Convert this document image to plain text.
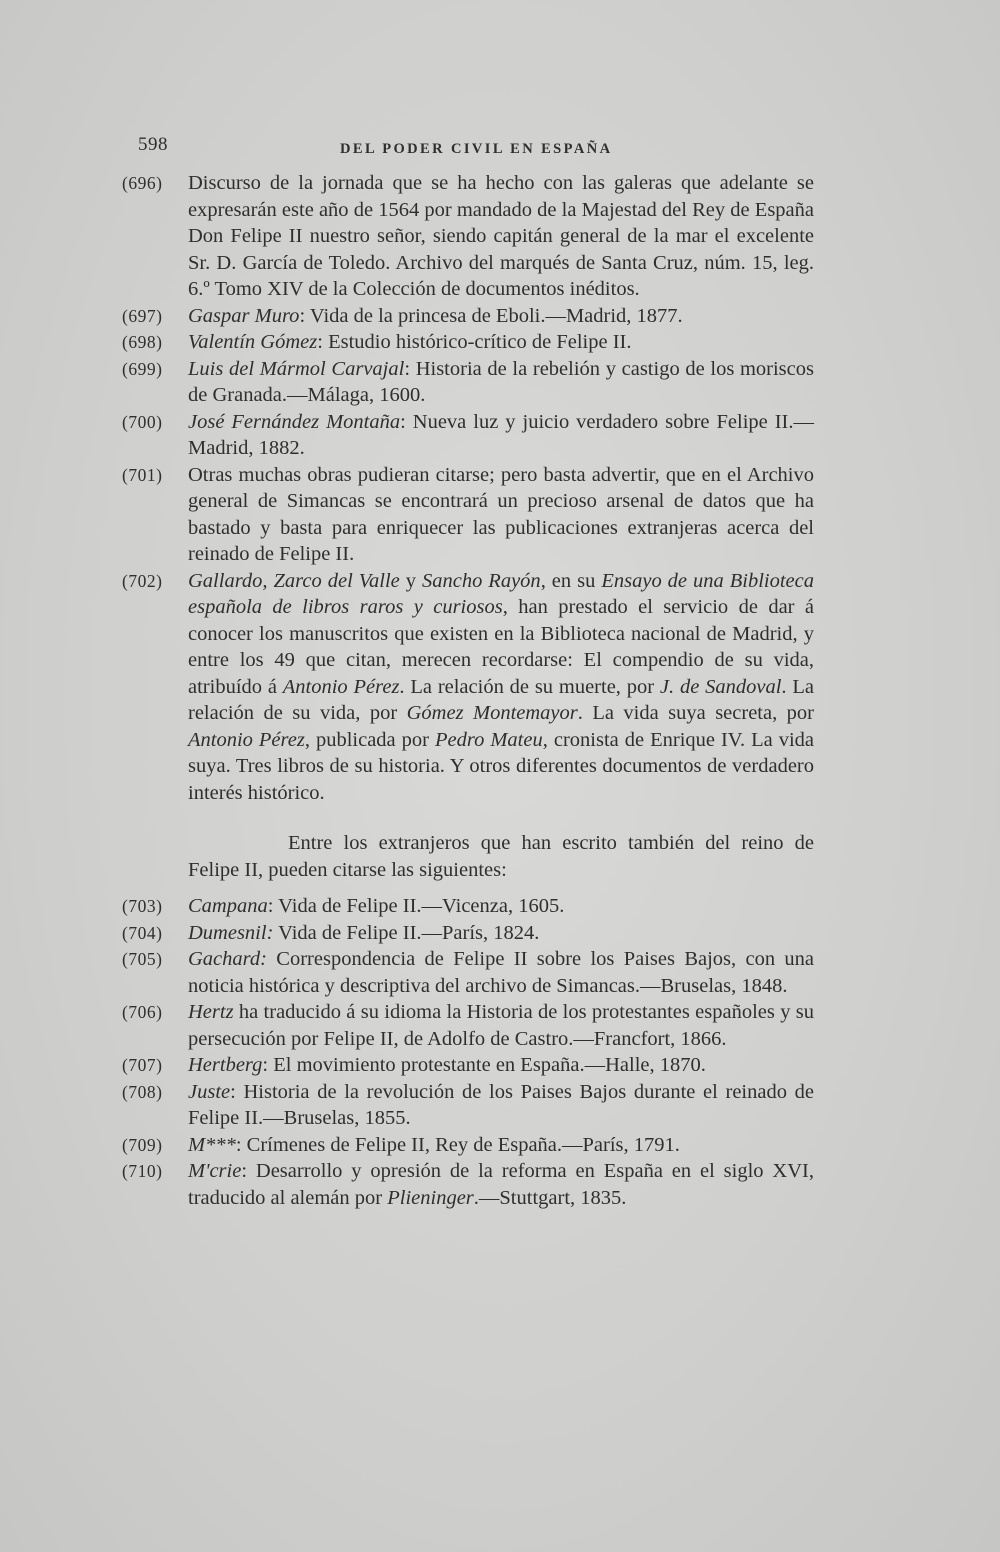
598	DEL PODER CIVIL EN ESPAÑA
(696)	Discurso de la jornada que se ha hecho con las galeras que adelante se expresarán este año de 1564 por mandado de la Majestad del Rey de España Don Felipe II nuestro señor, siendo capitán general de la mar el excelente Sr. D. García de Toledo. Archivo del marqués de Santa Cruz, núm. 15, leg. 6.º Tomo XIV de la Colección de documentos inéditos.
(697)	Gaspar Muro: Vida de la princesa de Eboli.—Madrid, 1877.
(698)	Valentín Gómez: Estudio histórico-crítico de Felipe II.
(699)	Luis del Mármol Carvajal: Historia de la rebelión y castigo de los moriscos de Granada.—Málaga, 1600.
(700)	José Fernández Montaña: Nueva luz y juicio verdadero sobre Felipe II.—Madrid, 1882.
(701)	Otras muchas obras pudieran citarse; pero basta advertir, que en el Archivo general de Simancas se encontrará un precioso arsenal de datos que ha bastado y basta para enriquecer las publicaciones extranjeras acerca del reinado de Felipe II.
(702)	Gallardo, Zarco del Valle y Sancho Rayón, en su Ensayo de una Biblioteca española de libros raros y curiosos, han prestado el servicio de dar á conocer los manuscritos que existen en la Biblioteca nacional de Madrid, y entre los 49 que citan, merecen recordarse: El compendio de su vida, atribuído á Antonio Pérez. La relación de su muerte, por J. de Sandoval. La relación de su vida, por Gómez Montemayor. La vida suya secreta, por Antonio Pérez, publicada por Pedro Mateu, cronista de Enrique IV. La vida suya. Tres libros de su historia. Y otros diferentes documentos de verdadero interés histórico.
Entre los extranjeros que han escrito también del reino de Felipe II, pueden citarse las siguientes:
(703)	Campana: Vida de Felipe II.—Vicenza, 1605.
(704)	Dumesnil: Vida de Felipe II.—París, 1824.
(705)	Gachard: Correspondencia de Felipe II sobre los Paises Bajos, con una noticia histórica y descriptiva del archivo de Simancas.—Bruselas, 1848.
(706)	Hertz ha traducido á su idioma la Historia de los protestantes españoles y su persecución por Felipe II, de Adolfo de Castro.—Francfort, 1866.
(707)	Hertberg: El movimiento protestante en España.—Halle, 1870.
(708)	Juste: Historia de la revolución de los Paises Bajos durante el reinado de Felipe II.—Bruselas, 1855.
(709)	M***: Crímenes de Felipe II, Rey de España.—París, 1791.
(710)	M'crie: Desarrollo y opresión de la reforma en España en el siglo XVI, traducido al alemán por Plieninger.—Stuttgart, 1835.
